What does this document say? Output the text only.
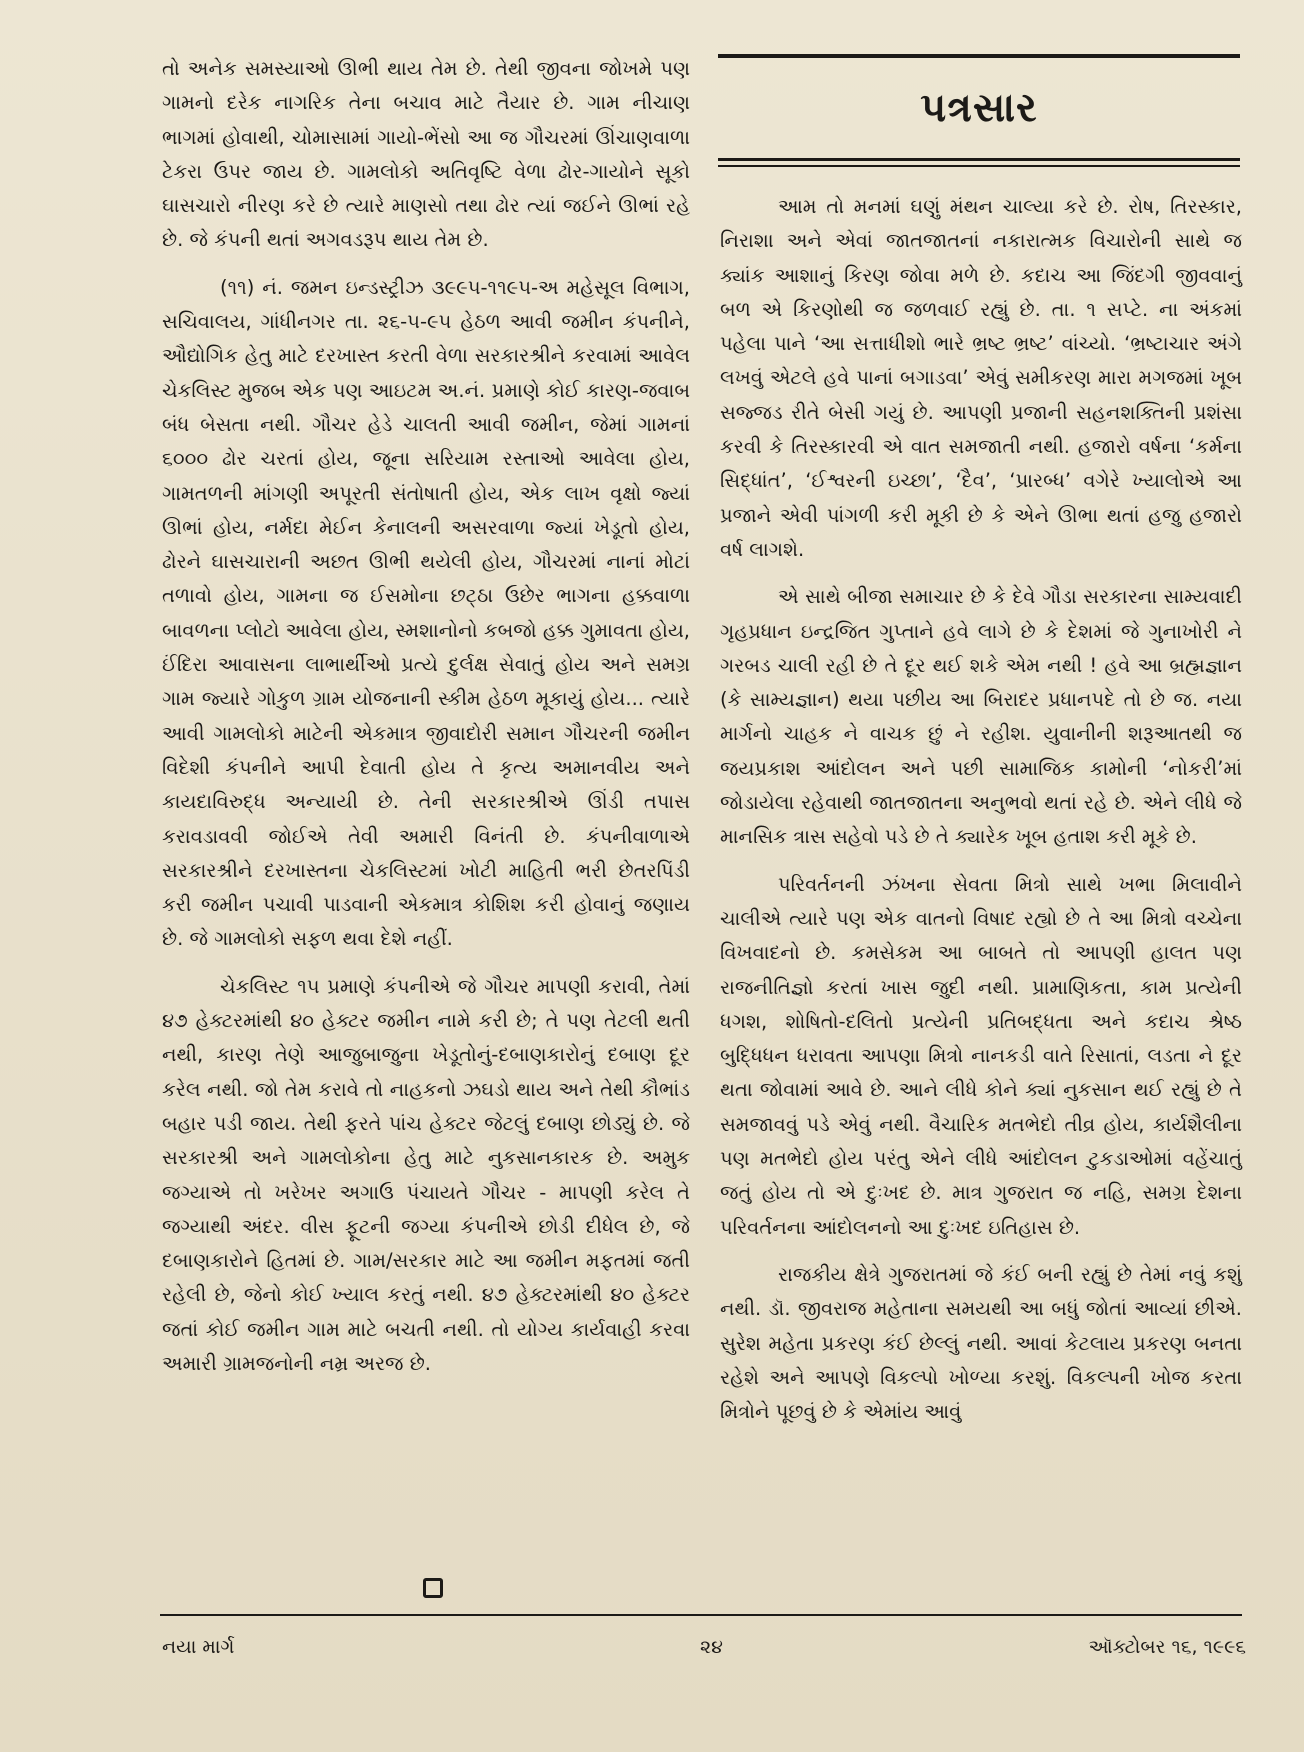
તો અનેક સમસ્યાઓ ઊભી થાય તેમ છે. તેથી જીવના જોખમે પણ ગામનો દરેક નાગરિક તેના બચાવ માટે તૈયાર છે. ગામ નીચાણ ભાગમાં હોવાથી, ચોમાસામાં ગાયો-ભેંસો આ જ ગૌચરમાં ઊંચાણવાળા ટેકરા ઉપર જાય છે. ગામલોકો અતિવૃષ્ટિ વેળા ઢોર-ગાયોને સૂકો ઘાસચારો નીરણ કરે છે ત્યારે માણસો તથા ઢોર ત્યાં જઈને ઊભાં રહે છે. જે કંપની થતાં અગવડરૂપ થાય તેમ છે.

(૧૧) નં. જમન ઇન્ડસ્ટ્રીઝ ૩૯૯૫-૧૧૯૫-અ મહેસૂલ વિભાગ, સચિવાલય, ગાંધીનગર તા. ૨૬-૫-૯૫ હેઠળ આવી જમીન કંપનીને, ઔદ્યોગિક હેતુ માટે દરખાસ્ત કરતી વેળા સરકારશ્રીને કરવામાં આવેલ ચેકલિસ્ટ મુજબ એક પણ આઇટમ અ.નં. પ્રમાણે કોઈ કારણ-જવાબ બંધ બેસતા નથી. ગૌચર હેડે ચાલતી આવી જમીન, જેમાં ગામનાં ૬૦૦૦ ઢોર ચરતાં હોય, જૂના સરિયામ રસ્તાઓ આવેલા હોય, ગામતળની માંગણી અપૂરતી સંતોષાતી હોય, એક લાખ વૃક્ષો જ્યાં ઊભાં હોય, નર્મદા મેઈન કેનાલની અસરવાળા જ્યાં ખેડૂતો હોય, ઢોરને ઘાસચારાની અછત ઊભી થયેલી હોય, ગૌચરમાં નાનાં મોટાં તળાવો હોય, ગામના જ ઈસમોના છટ્ઠા ઉછેર ભાગના હક્કવાળા બાવળના પ્લોટો આવેલા હોય, સ્મશાનોનો કબજો હક્ક ગુમાવતા હોય, ઈંદિરા આવાસના લાભાર્થીઓ પ્રત્યે દુર્લક્ષ સેવાતું હોય અને સમગ્ર ગામ જ્યારે ગોકુળ ગ્રામ યોજનાની સ્કીમ હેઠળ મૂકાયું હોય... ત્યારે આવી ગામલોકો માટેની એકમાત્ર જીવાદોરી સમાન ગૌચરની જમીન વિદેશી કંપનીને આપી દેવાતી હોય તે કૃત્ય અમાનવીય અને કાયદાવિરુદ્ધ અન્યાયી છે. તેની સરકારશ્રીએ ઊંડી તપાસ કરાવડાવવી જોઈએ તેવી અમારી વિનંતી છે. કંપનીવાળાએ સરકારશ્રીને દરખાસ્તના ચેકલિસ્ટમાં ખોટી માહિતી ભરી છેતરપિંડી કરી જમીન પચાવી પાડવાની એકમાત્ર કોશિશ કરી હોવાનું જણાય છે. જે ગામલોકો સફળ થવા દેશે નહીં.

ચેકલિસ્ટ ૧૫ પ્રમાણે કંપનીએ જે ગૌચર માપણી કરાવી, તેમાં ૪૭ હેક્ટરમાંથી ૪૦ હેક્ટર જમીન નામે કરી છે; તે પણ તેટલી થતી નથી, કારણ તેણે આજુબાજુના ખેડૂતોનું-દબાણકારોનું દબાણ દૂર કરેલ નથી. જો તેમ કરાવે તો નાહકનો ઝઘડો થાય અને તેથી કૌભાંડ બહાર પડી જાય. તેથી ફરતે પાંચ હેક્ટર જેટલું દબાણ છોડ્યું છે. જે સરકારશ્રી અને ગામલોકોના હેતુ માટે નુકસાનકારક છે. અમુક જગ્યાએ તો ખરેખર અગાઉ પંચાયતે ગૌચર - માપણી કરેલ તે જગ્યાથી અંદર. વીસ ફૂટની જગ્યા કંપનીએ છોડી દીધેલ છે, જે દબાણકારોને હિતમાં છે. ગામ/સરકાર માટે આ જમીન મફતમાં જતી રહેલી છે, જેનો કોઈ ખ્યાલ કરતું નથી. ૪૭ હેક્ટરમાંથી ૪૦ હેક્ટર જતાં કોઈ જમીન ગામ માટે બચતી નથી. તો યોગ્ય કાર્યવાહી કરવા અમારી ગ્રામજનોની નમ્ર અરજ છે.

પત્રસાર

આમ તો મનમાં ઘણું મંથન ચાલ્યા કરે છે. રોષ, તિરસ્કાર, નિરાશા અને એવાં જાતજાતનાં નકારાત્મક વિચારોની સાથે જ ક્યાંક આશાનું કિરણ જોવા મળે છે. કદાચ આ જિંદગી જીવવાનું બળ એ કિરણોથી જ જળવાઈ રહ્યું છે. તા. ૧ સપ્ટે. ના અંકમાં પહેલા પાને ‘આ સત્તાધીશો ભારે ભ્રષ્ટ ભ્રષ્ટ’ વાંચ્યો. ‘ભ્રષ્ટાચાર અંગે લખવું એટલે હવે પાનાં બગાડવા’ એવું સમીકરણ મારા મગજમાં ખૂબ સજ્જડ રીતે બેસી ગયું છે. આપણી પ્રજાની સહનશક્તિની પ્રશંસા કરવી કે તિરસ્કારવી એ વાત સમજાતી નથી. હજારો વર્ષના ‘કર્મના સિદ્ધાંત’, ‘ઈશ્વરની ઇચ્છા’, ‘દૈવ’, ‘પ્રારબ્ધ’ વગેરે ખ્યાલોએ આ પ્રજાને એવી પાંગળી કરી મૂકી છે કે એને ઊભા થતાં હજુ હજારો વર્ષ લાગશે.

એ સાથે બીજા સમાચાર છે કે દેવે ગૌડા સરકારના સામ્યવાદી ગૃહપ્રધાન ઇન્દ્રજિત ગુપ્તાને હવે લાગે છે કે દેશમાં જે ગુનાખોરી ને ગરબડ ચાલી રહી છે તે દૂર થઈ શકે એમ નથી ! હવે આ બ્રહ્મજ્ઞાન (કે સામ્યજ્ઞાન) થયા પછીય આ બિરાદર પ્રધાનપદે તો છે જ. નયા માર્ગનો ચાહક ને વાચક છું ને રહીશ. યુવાનીની શરૂઆતથી જ જયપ્રકાશ આંદોલન અને પછી સામાજિક કામોની ‘નોકરી’માં જોડાયેલા રહેવાથી જાતજાતના અનુભવો થતાં રહે છે. એને લીધે જે માનસિક ત્રાસ સહેવો પડે છે તે ક્યારેક ખૂબ હતાશ કરી મૂકે છે.

પરિવર્તનની ઝંખના સેવતા મિત્રો સાથે ખભા મિલાવીને ચાલીએ ત્યારે પણ એક વાતનો વિષાદ રહ્યો છે તે આ મિત્રો વચ્ચેના વિખવાદનો છે. કમસેકમ આ બાબતે તો આપણી હાલત પણ રાજનીતિજ્ઞો કરતાં ખાસ જુદી નથી. પ્રામાણિકતા, કામ પ્રત્યેની ધગશ, શોષિતો-દલિતો પ્રત્યેની પ્રતિબદ્ધતા અને કદાચ શ્રેષ્ઠ બુદ્ધિધન ધરાવતા આપણા મિત્રો નાનકડી વાતે રિસાતાં, લડતા ને દૂર થતા જોવામાં આવે છે. આને લીધે કોને ક્યાં નુકસાન થઈ રહ્યું છે તે સમજાવવું પડે એવું નથી. વૈચારિક મતભેદો તીવ્ર હોય, કાર્યશૈલીના પણ મતભેદો હોય પરંતુ એને લીધે આંદોલન ટુકડાઓમાં વહેંચાતું જતું હોય તો એ દુઃખદ છે. માત્ર ગુજરાત જ નહિ, સમગ્ર દેશના પરિવર્તનના આંદોલનનો આ દુઃખદ ઇતિહાસ છે.

રાજકીય ક્ષેત્રે ગુજરાતમાં જે કંઈ બની રહ્યું છે તેમાં નવું કશું નથી. ડૉ. જીવરાજ મહેતાના સમયથી આ બધું જોતાં આવ્યાં છીએ. સુરેશ મહેતા પ્રકરણ કંઈ છેલ્લું નથી. આવાં કેટલાય પ્રકરણ બનતા રહેશે અને આપણે વિકલ્પો ખોળ્યા કરશું. વિકલ્પની ખોજ કરતા મિત્રોને પૂછવું છે કે એમાંય આવું

નયા માર્ગ	૨૪	ઑક્ટોબર ૧૬, ૧૯૯૬
